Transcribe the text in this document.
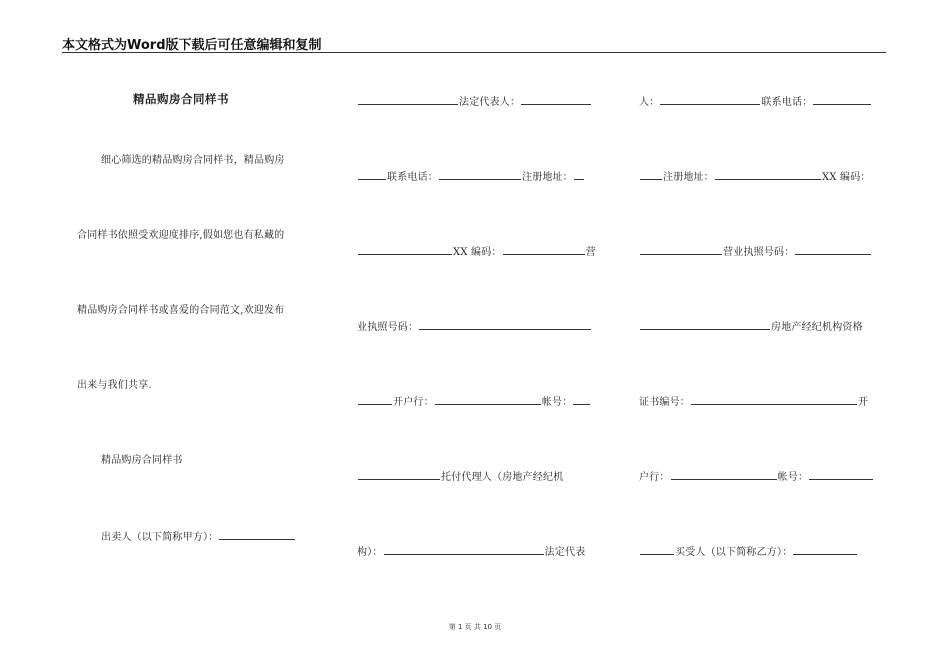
本文格式为Word版下载后可任意编辑和复制
精品购房合同样书
细心筛选的精品购房合同样书，精品购房
合同样书依照受欢迎度排序,假如您也有私藏的
精品购房合同样书或喜爱的合同范文,欢迎发布
出来与我们共享.
精品购房合同样书
出卖人（以下简称甲方）：
法定代表人：
联系电话：	注册地址：
XX 编码：	营
业执照号码：
开户行：	帐号：
托付代理人（房地产经纪机
构）：	法定代表
人：	联系电话：
注册地址：	XX 编码：
营业执照号码：
房地产经纪机构资格
证书编号：	开
户行：	帐号：
买受人（以下简称乙方）：
第 1 页 共 10 页
